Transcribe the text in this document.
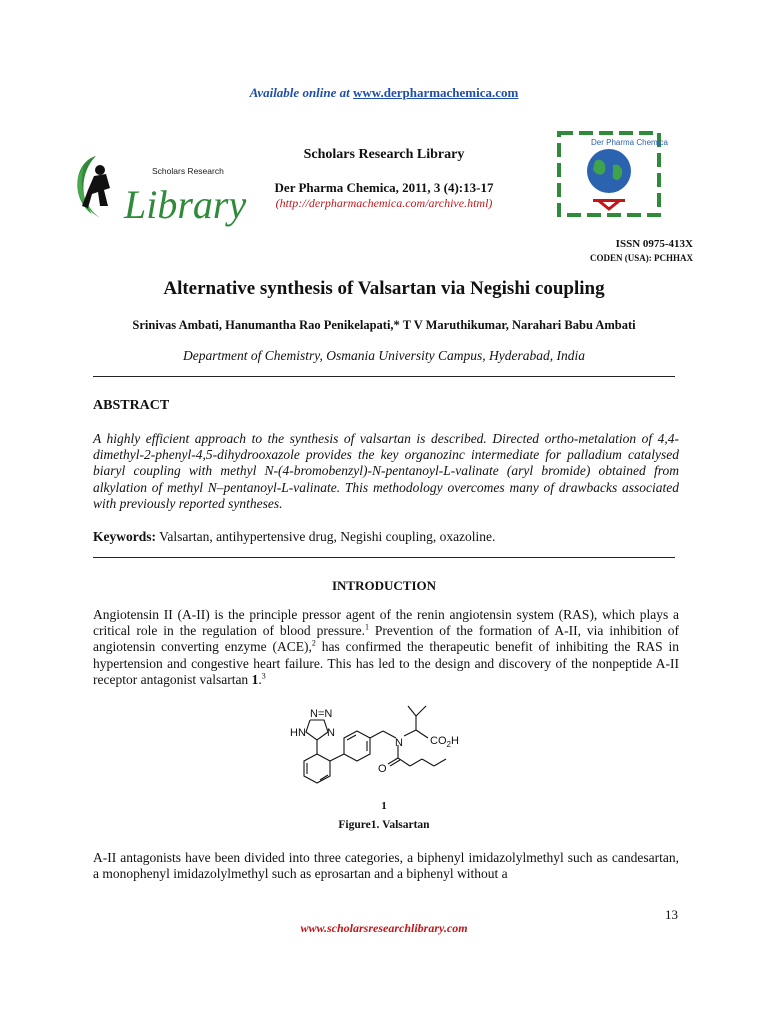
Available online at www.derpharmachemica.com
Scholars Research
Library
Scholars Research Library
Der Pharma Chemica, 2011, 3 (4):13-17
(http://derpharmachemica.com/archive.html)
Der Pharma Chemica
ISSN 0975-413X
CODEN (USA): PCHHAX
Alternative synthesis of Valsartan via Negishi coupling
Srinivas Ambati, Hanumantha Rao Penikelapati,* T V Maruthikumar, Narahari Babu Ambati
Department of Chemistry, Osmania University Campus, Hyderabad, India
ABSTRACT
A highly efficient approach to the synthesis of valsartan is described. Directed ortho-metalation of 4,4-dimethyl-2-phenyl-4,5-dihydrooxazole provides the key organozinc intermediate for palladium catalysed biaryl coupling with methyl N-(4-bromobenzyl)-N-pentanoyl-L-valinate (aryl bromide) obtained from alkylation of methyl N–pentanoyl-L-valinate. This methodology overcomes many of drawbacks associated with previously reported syntheses.
Keywords: Valsartan, antihypertensive drug, Negishi coupling, oxazoline.
INTRODUCTION
Angiotensin II (A-II) is the principle pressor agent of the renin angiotensin system (RAS), which plays a critical role in the regulation of blood pressure.$^1$ Prevention of the formation of A-II, via inhibition of angiotensin converting enzyme (ACE),$^2$ has confirmed the therapeutic benefit of inhibiting the RAS in hypertension and congestive heart failure. This has led to the design and discovery of the nonpeptide A-II receptor antagonist valsartan 1.$^3$
N=N
HN N
N $CO_2H$
O
1
Figure1. Valsartan
A-II antagonists have been divided into three categories, a biphenyl imidazolylmethyl such as candesartan, a monophenyl imidazolylmethyl such as eprosartan and a biphenyl without a
13
www.scholarsresearchlibrary.com
